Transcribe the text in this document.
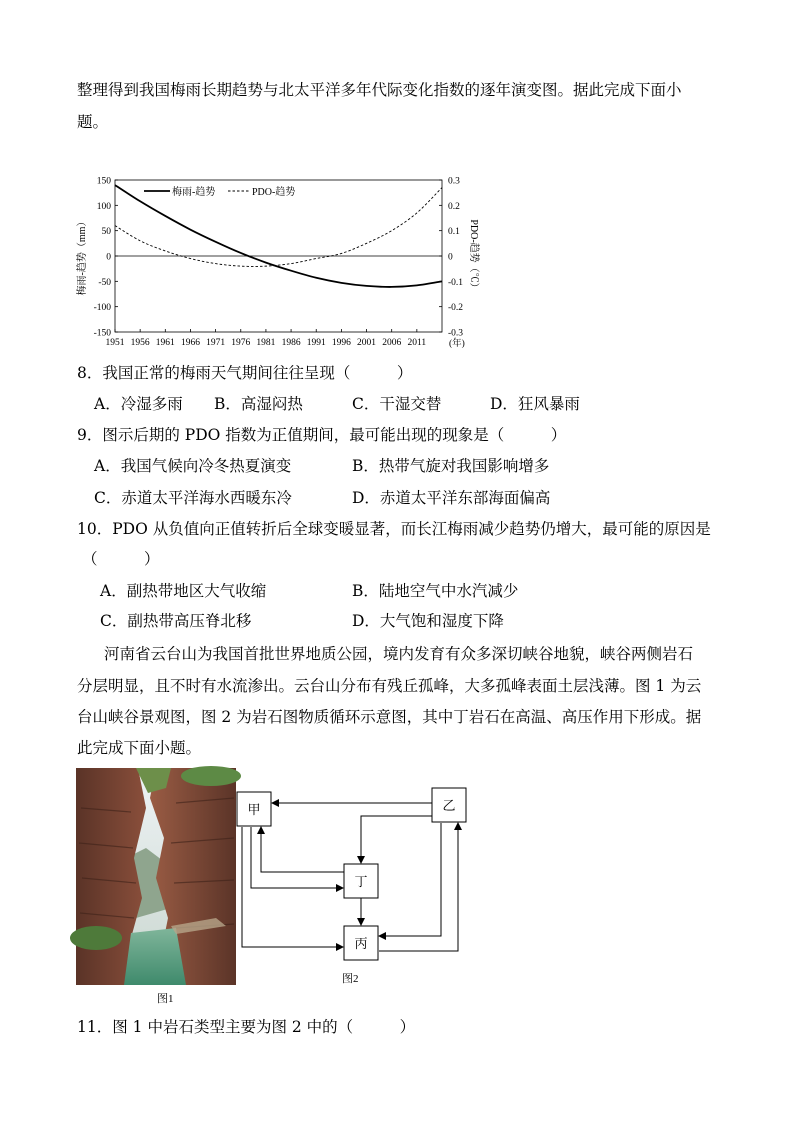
整理得到我国梅雨长期趋势与北太平洋多年代际变化指数的逐年演变图。据此完成下面小
题。
150
100
50
0
-50
-100
-150
0.3
0.2
0.1
0
-0.1
-0.2
-0.3
1951 1956 1961 1966 1971 1976 1981 1986 1991 1996 2001 2006 2011
梅雨-趋势	PDO-趋势
梅雨-趋势（mm）	PDO-趋势（℃）
(年)
8．我国正常的梅雨天气期间往往呈现（　　　）
A．冷湿多雨 B．高湿闷热	C．干湿交替	D．狂风暴雨
9．图示后期的 PDO 指数为正值期间，最可能出现的现象是（　　　）
A．我国气候向冷冬热夏演变	B．热带气旋对我国影响增多
C．赤道太平洋海水西暖东冷	D．赤道太平洋东部海面偏高
10．PDO 从负值向正值转折后全球变暖显著，而长江梅雨减少趋势仍增大，最可能的原因是
（　　　）
A．副热带地区大气收缩	B．陆地空气中水汽减少
C．副热带高压脊北移	D．大气饱和湿度下降
河南省云台山为我国首批世界地质公园，境内发育有众多深切峡谷地貌，峡谷两侧岩石
分层明显，且不时有水流渗出。云台山分布有残丘孤峰，大多孤峰表面土层浅薄。图 1 为云
台山峡谷景观图，图 2 为岩石图物质循环示意图，其中丁岩石在高温、高压作用下形成。据
此完成下面小题。
图1
甲	乙
丁
丙
图2
11．图 1 中岩石类型主要为图 2 中的（　　　）
